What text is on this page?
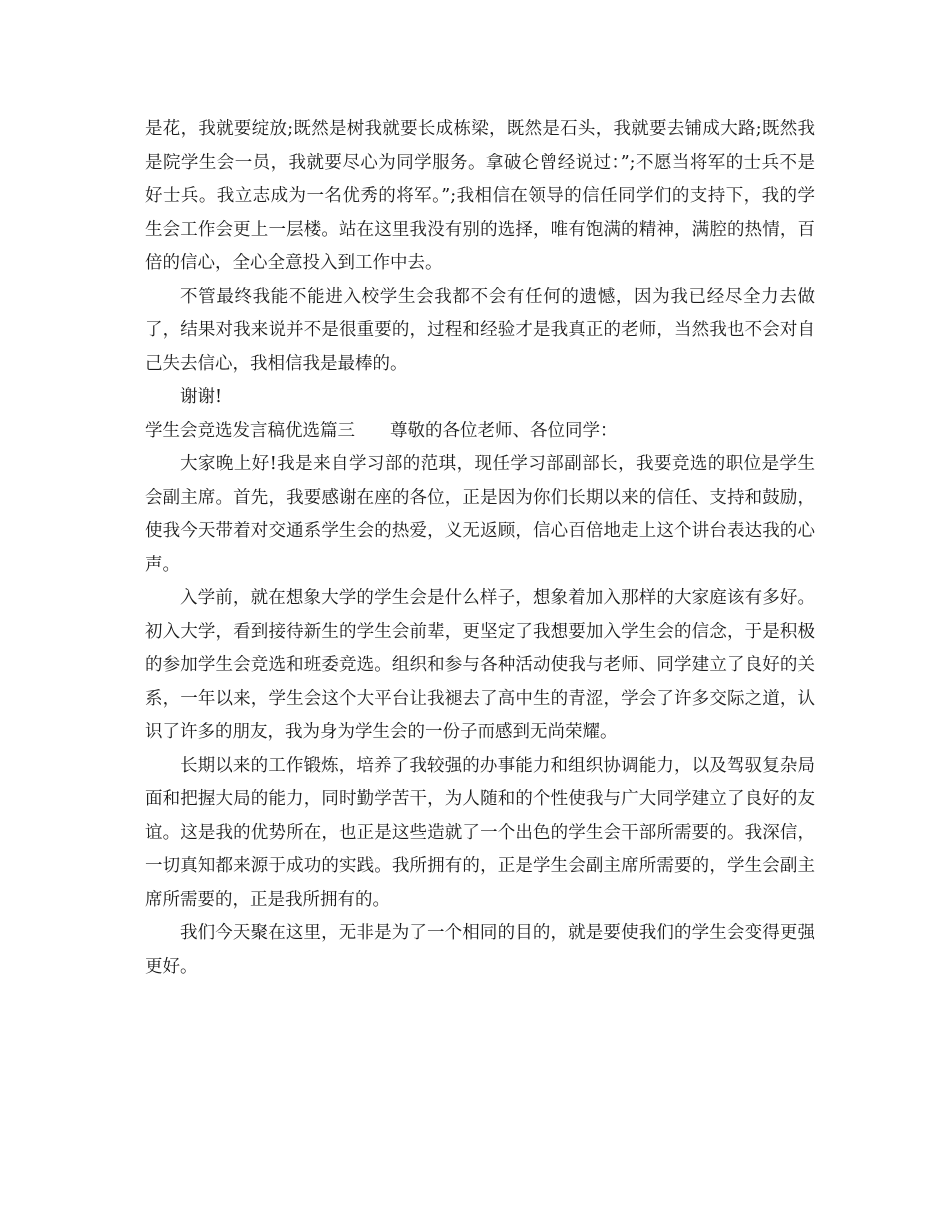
是花，我就要绽放;既然是树我就要长成栋梁，既然是石头，我就要去铺成大路;既然我是院学生会一员，我就要尽心为同学服务。拿破仑曾经说过：”;不愿当将军的士兵不是好士兵。我立志成为一名优秀的将军。”;我相信在领导的信任同学们的支持下，我的学生会工作会更上一层楼。站在这里我没有别的选择，唯有饱满的精神，满腔的热情，百倍的信心，全心全意投入到工作中去。

不管最终我能不能进入校学生会我都不会有任何的遗憾，因为我已经尽全力去做了，结果对我来说并不是很重要的，过程和经验才是我真正的老师，当然我也不会对自己失去信心，我相信我是最棒的。

谢谢!

学生会竞选发言稿优选篇三　　尊敬的各位老师、各位同学：

大家晚上好!我是来自学习部的范琪，现任学习部副部长，我要竞选的职位是学生会副主席。首先，我要感谢在座的各位，正是因为你们长期以来的信任、支持和鼓励，使我今天带着对交通系学生会的热爱，义无返顾，信心百倍地走上这个讲台表达我的心声。

入学前，就在想象大学的学生会是什么样子，想象着加入那样的大家庭该有多好。初入大学，看到接待新生的学生会前辈，更坚定了我想要加入学生会的信念，于是积极的参加学生会竞选和班委竞选。组织和参与各种活动使我与老师、同学建立了良好的关系，一年以来，学生会这个大平台让我褪去了高中生的青涩，学会了许多交际之道，认识了许多的朋友，我为身为学生会的一份子而感到无尚荣耀。

长期以来的工作锻炼，培养了我较强的办事能力和组织协调能力，以及驾驭复杂局面和把握大局的能力，同时勤学苦干，为人随和的个性使我与广大同学建立了良好的友谊。这是我的优势所在，也正是这些造就了一个出色的学生会干部所需要的。我深信，一切真知都来源于成功的实践。我所拥有的，正是学生会副主席所需要的，学生会副主席所需要的，正是我所拥有的。

我们今天聚在这里，无非是为了一个相同的目的，就是要使我们的学生会变得更强更好。
